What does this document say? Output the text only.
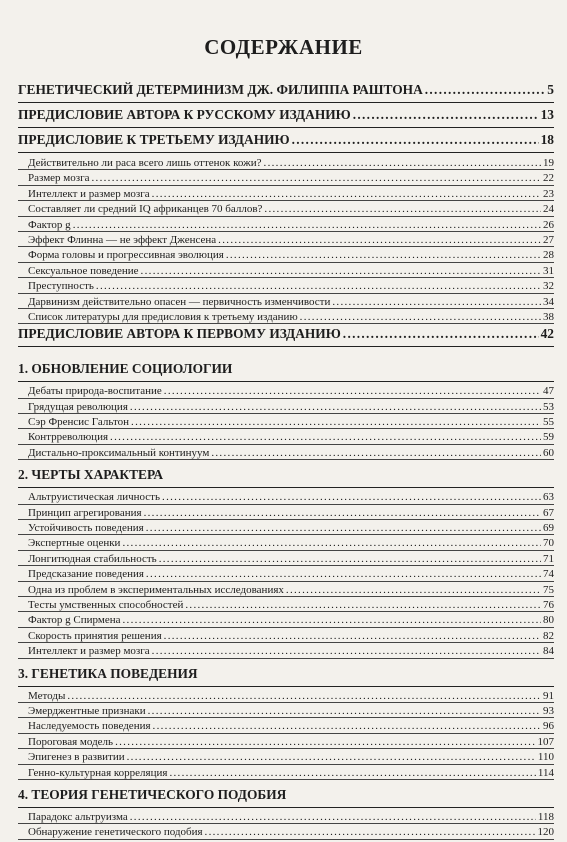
СОДЕРЖАНИЕ
ГЕНЕТИЧЕСКИЙ ДЕТЕРМИНИЗМ ДЖ. ФИЛИППА РАШТОНА .....	5
ПРЕДИСЛОВИЕ АВТОРА К РУССКОМУ ИЗДАНИЮ .....	13
ПРЕДИСЛОВИЕ К ТРЕТЬЕМУ ИЗДАНИЮ .....	18
Действительно ли раса всего лишь оттенок кожи? .....	19
Размер мозга .....	22
Интеллект и размер мозга .....	23
Составляет ли средний IQ африканцев 70 баллов? .....	24
Фактор g .....	26
Эффект Флинна — не эффект Дженсена .....	27
Форма головы и прогрессивная эволюция .....	28
Сексуальное поведение .....	31
Преступность .....	32
Дарвинизм действительно опасен — первичность изменчивости .....	34
Список литературы для предисловия к третьему изданию .....	38
ПРЕДИСЛОВИЕ АВТОРА К ПЕРВОМУ ИЗДАНИЮ .....	42
1. ОБНОВЛЕНИЕ СОЦИОЛОГИИ
Дебаты природа-воспитание .....	47
Грядущая революция .....	53
Сэр Френсис Гальтон .....	55
Контрреволюция .....	59
Дистально-проксимальный континуум .....	60
2. ЧЕРТЫ ХАРАКТЕРА
Альтруистическая личность .....	63
Принцип агрегирования .....	67
Устойчивость поведения .....	69
Экспертные оценки .....	70
Лонгитюдная стабильность .....	71
Предсказание поведения .....	74
Одна из проблем в экспериментальных исследованиях .....	75
Тесты умственных способностей .....	76
Фактор g Спирмена .....	80
Скорость принятия решения .....	82
Интеллект и размер мозга .....	84
3. ГЕНЕТИКА ПОВЕДЕНИЯ
Методы .....	91
Эмерджентные признаки .....	93
Наследуемость поведения .....	96
Пороговая модель .....	107
Эпигенез в развитии .....	110
Генно-культурная корреляция .....	114
4. ТЕОРИЯ ГЕНЕТИЧЕСКОГО ПОДОБИЯ
Парадокс альтруизма .....	118
Обнаружение генетического подобия .....	120
